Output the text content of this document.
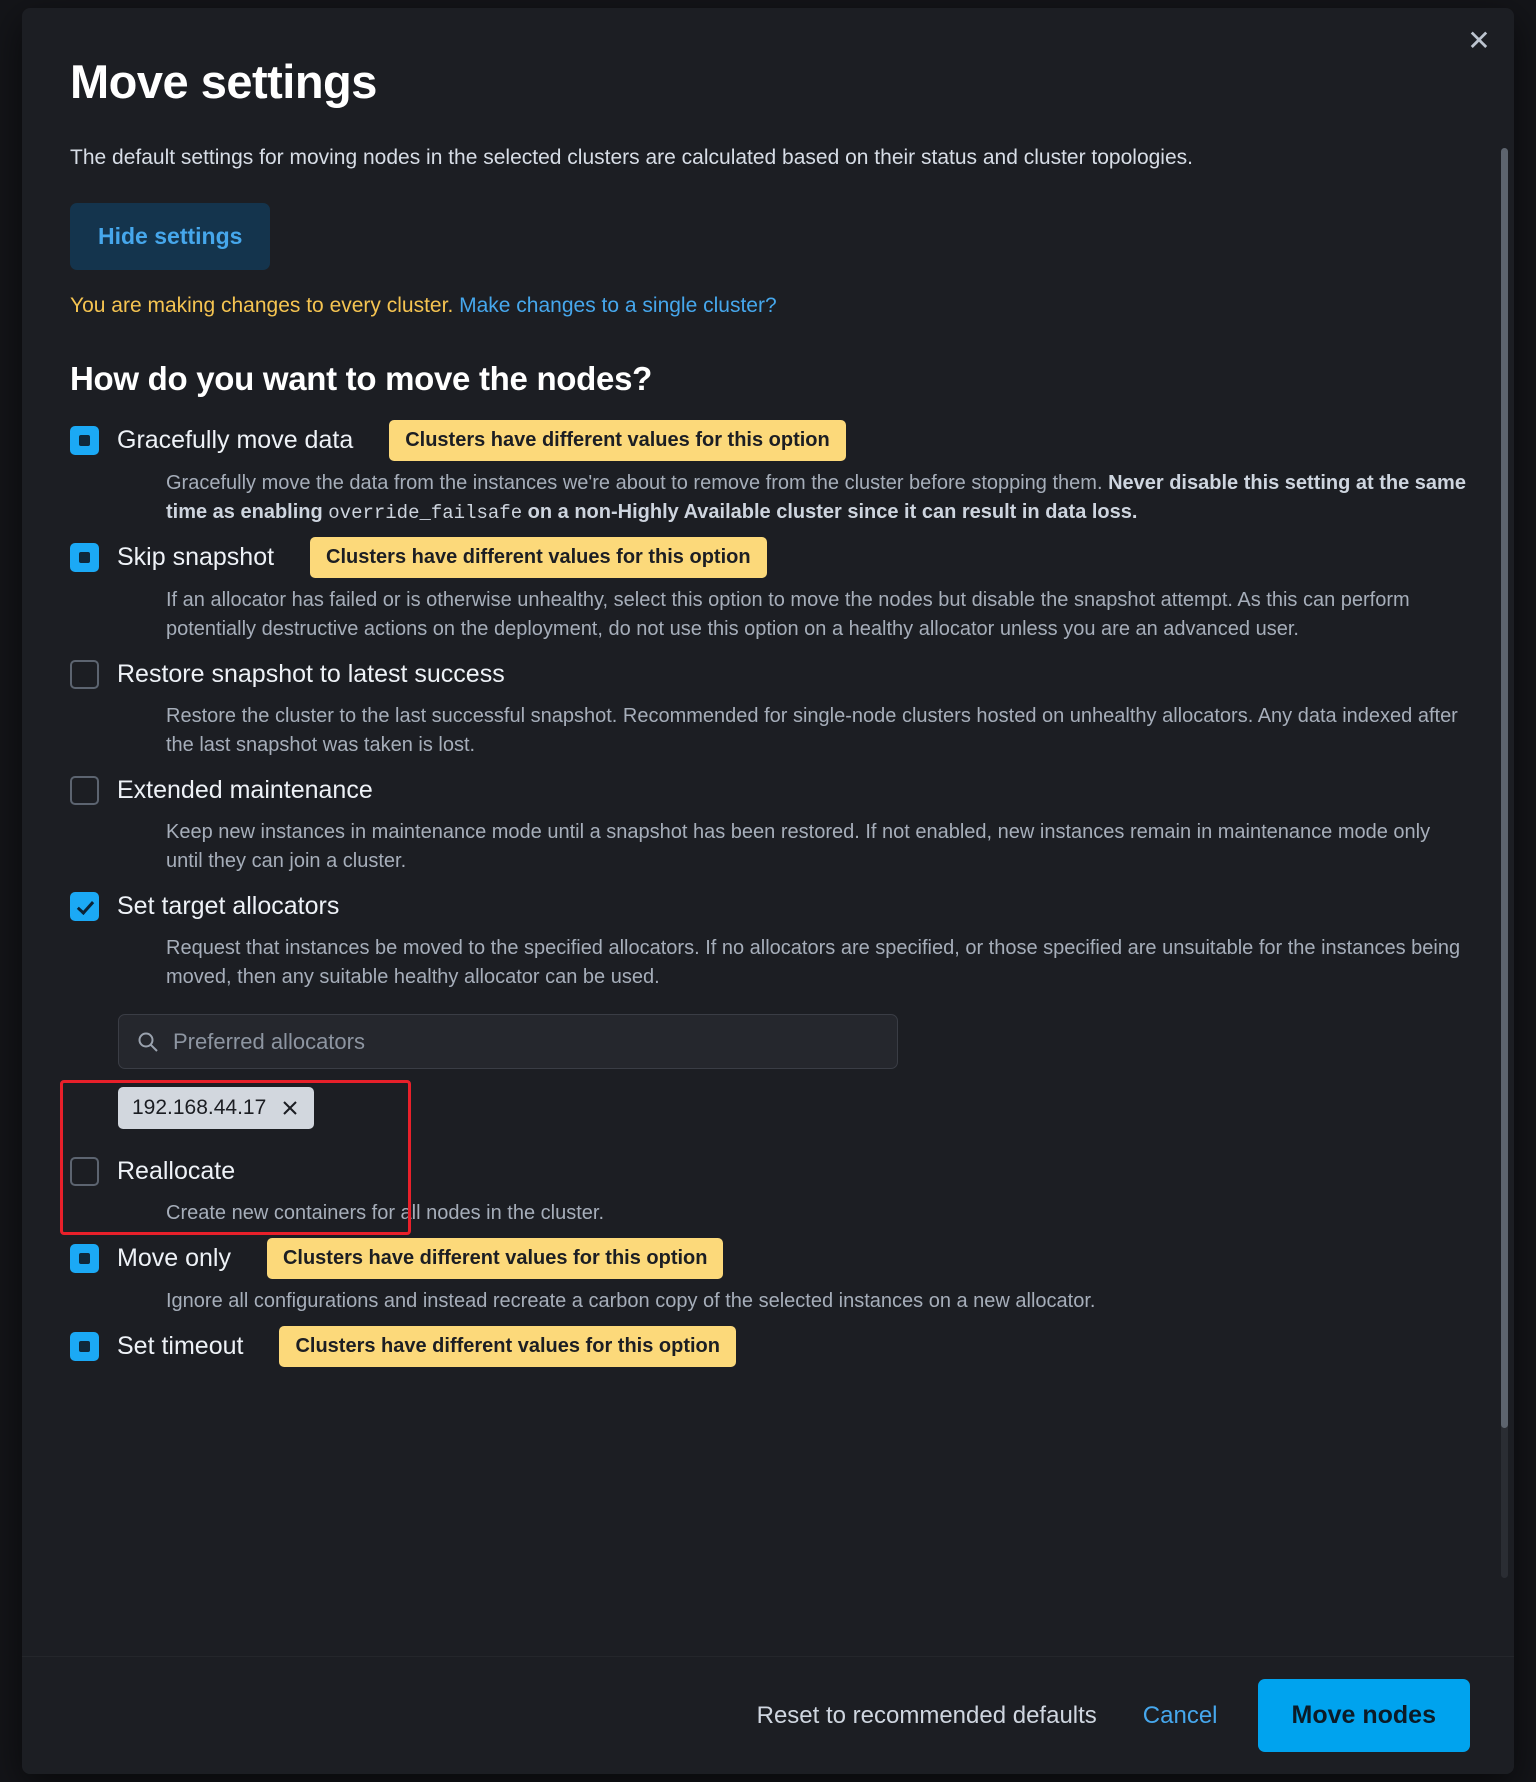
✕
Move settings

The default settings for moving nodes in the selected clusters are calculated based on their status and cluster topologies.

Hide settings
You are making changes to every cluster. Make changes to a single cluster?
How do you want to move the nodes?
Gracefully move data	Clusters have different values for this option
Gracefully move the data from the instances we're about to remove from the cluster before stopping them. Never disable this setting at the same time as enabling override_failsafe on a non-Highly Available cluster since it can result in data loss.
Skip snapshot	Clusters have different values for this option
If an allocator has failed or is otherwise unhealthy, select this option to move the nodes but disable the snapshot attempt. As this can perform potentially destructive actions on the deployment, do not use this option on a healthy allocator unless you are an advanced user.
Restore snapshot to latest success
Restore the cluster to the last successful snapshot. Recommended for single-node clusters hosted on unhealthy allocators. Any data indexed after the last snapshot was taken is lost.
Extended maintenance
Keep new instances in maintenance mode until a snapshot has been restored. If not enabled, new instances remain in maintenance mode only until they can join a cluster.
Set target allocators
Request that instances be moved to the specified allocators. If no allocators are specified, or those specified are unsuitable for the instances being moved, then any suitable healthy allocator can be used.
Preferred allocators
192.168.44.17
Reallocate
Create new containers for all nodes in the cluster.
Move only	Clusters have different values for this option
Ignore all configurations and instead recreate a carbon copy of the selected instances on a new allocator.
Set timeout	Clusters have different values for this option
Reset to recommended defaults Cancel	Move nodes
